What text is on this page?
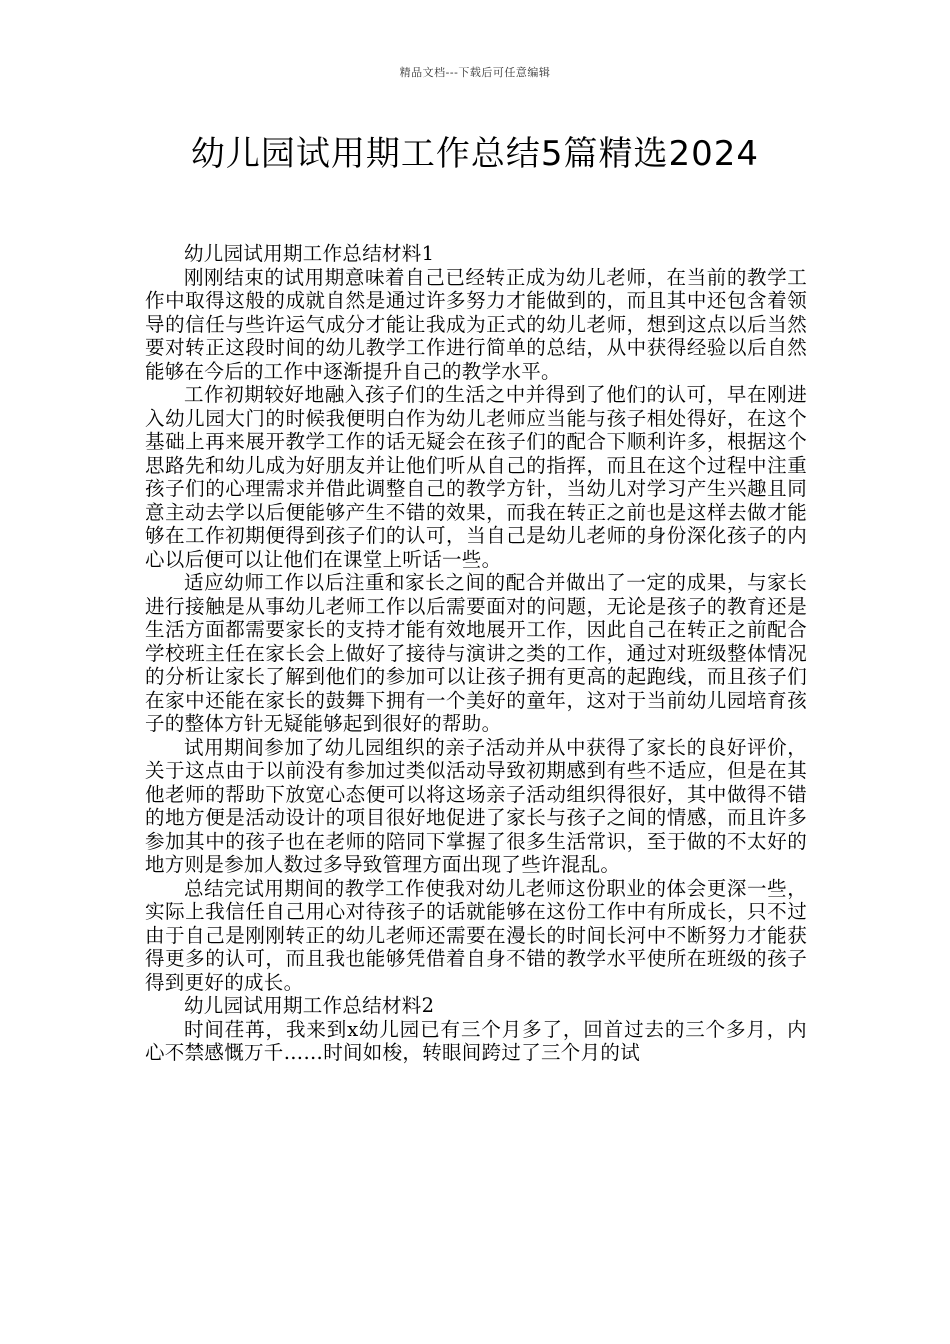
精品文档---下载后可任意编辑
幼儿园试用期工作总结5篇精选2024

幼儿园试用期工作总结材料1

刚刚结束的试用期意味着自己已经转正成为幼儿老师，在当前的教学工作中取得这般的成就自然是通过许多努力才能做到的，而且其中还包含着领导的信任与些许运气成分才能让我成为正式的幼儿老师，想到这点以后当然要对转正这段时间的幼儿教学工作进行简单的总结，从中获得经验以后自然能够在今后的工作中逐渐提升自己的教学水平。

工作初期较好地融入孩子们的生活之中并得到了他们的认可，早在刚进入幼儿园大门的时候我便明白作为幼儿老师应当能与孩子相处得好，在这个基础上再来展开教学工作的话无疑会在孩子们的配合下顺利许多，根据这个思路先和幼儿成为好朋友并让他们听从自己的指挥，而且在这个过程中注重孩子们的心理需求并借此调整自己的教学方针，当幼儿对学习产生兴趣且同意主动去学以后便能够产生不错的效果，而我在转正之前也是这样去做才能够在工作初期便得到孩子们的认可，当自己是幼儿老师的身份深化孩子的内心以后便可以让他们在课堂上听话一些。

适应幼师工作以后注重和家长之间的配合并做出了一定的成果，与家长进行接触是从事幼儿老师工作以后需要面对的问题，无论是孩子的教育还是生活方面都需要家长的支持才能有效地展开工作，因此自己在转正之前配合学校班主任在家长会上做好了接待与演讲之类的工作，通过对班级整体情况的分析让家长了解到他们的参加可以让孩子拥有更高的起跑线，而且孩子们在家中还能在家长的鼓舞下拥有一个美好的童年，这对于当前幼儿园培育孩子的整体方针无疑能够起到很好的帮助。

试用期间参加了幼儿园组织的亲子活动并从中获得了家长的良好评价，关于这点由于以前没有参加过类似活动导致初期感到有些不适应，但是在其他老师的帮助下放宽心态便可以将这场亲子活动组织得很好，其中做得不错的地方便是活动设计的项目很好地促进了家长与孩子之间的情感，而且许多参加其中的孩子也在老师的陪同下掌握了很多生活常识，至于做的不太好的地方则是参加人数过多导致管理方面出现了些许混乱。

总结完试用期间的教学工作使我对幼儿老师这份职业的体会更深一些，实际上我信任自己用心对待孩子的话就能够在这份工作中有所成长，只不过由于自己是刚刚转正的幼儿老师还需要在漫长的时间长河中不断努力才能获得更多的认可，而且我也能够凭借着自身不错的教学水平使所在班级的孩子得到更好的成长。

幼儿园试用期工作总结材料2

时间荏苒，我来到x幼儿园已有三个月多了，回首过去的三个多月，内心不禁感慨万千……时间如梭，转眼间跨过了三个月的试
